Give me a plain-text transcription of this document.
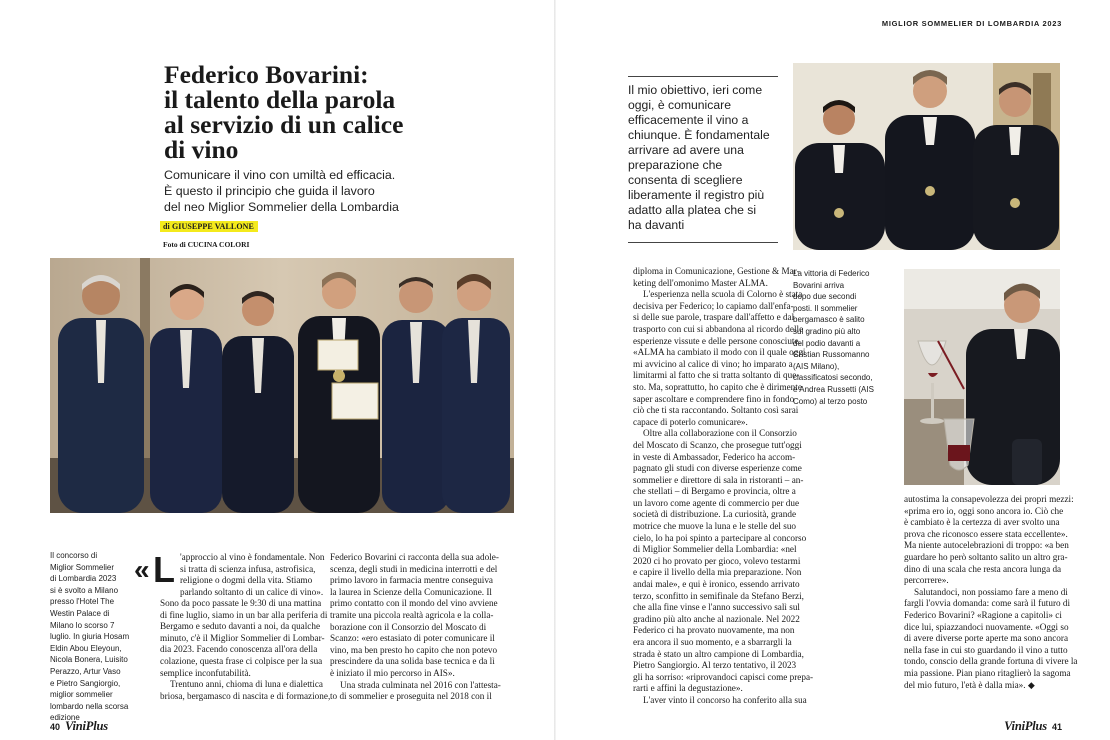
Federico Bovarini:
il talento della parola
al servizio di un calice
di vino

Comunicare il vino con umiltà ed efficacia.
È questo il principio che guida il lavoro
del neo Miglior Sommelier della Lombardia

di GIUSEPPE VALLONE
Foto di CUCINA COLORI
Il concorso di
Miglior Sommelier
di Lombardia 2023
si è svolto a Milano
presso l'Hotel The
Westin Palace di
Milano lo scorso 7
luglio. In giuria Hosam
Eldin Abou Eleyoun,
Nicola Bonera, Luisito
Perazzo, Artur Vaso
e Pietro Sangiorgio,
miglior sommelier
lombardo nella scorsa
edizione
« L 'approccio al vino è fondamentale. Non
si tratta di scienza infusa, astrofisica,
religione o dogmi della vita. Stiamo
parlando soltanto di un calice di vino».
Sono da poco passate le 9:30 di una mattina
di fine luglio, siamo in un bar alla periferia di
Bergamo e seduto davanti a noi, da qualche
minuto, c'è il Miglior Sommelier di Lombar-
dia 2023. Facendo conoscenza all'ora della
colazione, questa frase ci colpisce per la sua
semplice inconfutabilità.
Trentuno anni, chioma di luna e dialettica
briosa, bergamasco di nascita e di formazione,
Federico Bovarini ci racconta della sua adole-
scenza, degli studi in medicina interrotti e del
primo lavoro in farmacia mentre conseguiva
la laurea in Scienze della Comunicazione. Il
primo contatto con il mondo del vino avviene
tramite una piccola realtà agricola e la colla-
borazione con il Consorzio del Moscato di
Scanzo: «ero estasiato di poter comunicare il
vino, ma ben presto ho capito che non potevo
prescindere da una solida base tecnica e da lì
è iniziato il mio percorso in AIS».
Una strada culminata nel 2016 con l'attesta-
to di sommelier e proseguita nel 2018 con il
40 ViniPlus
MIGLIOR SOMMELIER DI LOMBARDIA 2023
Il mio obiettivo, ieri come
oggi, è comunicare
efficacemente il vino a
chiunque. È fondamentale
arrivare ad avere una
preparazione che
consenta di scegliere
liberamente il registro più
adatto alla platea che si
ha davanti
La vittoria di Federico
Bovarini arriva
dopo due secondi
posti. Il sommelier
bergamasco è salito
sul gradino più alto
del podio davanti a
Cristian Russomanno
(AIS Milano),
classificatosi secondo,
e Andrea Russetti (AIS
Como) al terzo posto
diploma in Comunicazione, Gestione & Mar-
keting dell'omonimo Master ALMA.
L'esperienza nella scuola di Colorno è stata
decisiva per Federico; lo capiamo dall'enfa-
si delle sue parole, traspare dall'affetto e dal
trasporto con cui si abbandona al ricordo delle
esperienze vissute e delle persone conosciute.
«ALMA ha cambiato il modo con il quale oggi
mi avvicino al calice di vino; ho imparato a
limitarmi al fatto che si tratta soltanto di que-
sto. Ma, soprattutto, ho capito che è dirimente
saper ascoltare e comprendere fino in fondo
ciò che ti sta raccontando. Soltanto così sarai
capace di poterlo comunicare».
Oltre alla collaborazione con il Consorzio
del Moscato di Scanzo, che prosegue tutt'oggi
in veste di Ambassador, Federico ha accom-
pagnato gli studi con diverse esperienze come
sommelier e direttore di sala in ristoranti – an-
che stellati – di Bergamo e provincia, oltre a
un lavoro come agente di commercio per due
società di distribuzione. La curiosità, grande
motrice che muove la luna e le stelle del suo
cielo, lo ha poi spinto a partecipare al concorso
di Miglior Sommelier della Lombardia: «nel
2020 ci ho provato per gioco, volevo testarmi
e capire il livello della mia preparazione. Non
andai male», e qui è ironico, essendo arrivato
terzo, sconfitto in semifinale da Stefano Berzi,
che alla fine vinse e l'anno successivo salì sul
gradino più alto anche al nazionale. Nel 2022
Federico ci ha provato nuovamente, ma non
era ancora il suo momento, e a sbarrargli la
strada è stato un altro campione di Lombardia,
Pietro Sangiorgio. Al terzo tentativo, il 2023
gli ha sorriso: «riprovandoci capisci come prepa-
rarti e affini la degustazione».
L'aver vinto il concorso ha conferito alla sua
autostima la consapevolezza dei propri mezzi:
«prima ero io, oggi sono ancora io. Ciò che
è cambiato è la certezza di aver svolto una
prova che riconosco essere stata eccellente».
Ma niente autocelebrazioni di troppo: «a ben
guardare ho però soltanto salito un altro gra-
dino di una scala che resta ancora lunga da
percorrere».
Salutandoci, non possiamo fare a meno di
fargli l'ovvia domanda: come sarà il futuro di
Federico Bovarini? «Ragione a capitoli» ci
dice lui, spiazzandoci nuovamente. «Oggi so
di avere diverse porte aperte ma sono ancora
nella fase in cui sto guardando il vino a tutto
tondo, conscio della grande fortuna di vivere la
mia passione. Pian piano ritaglierò la sagoma
del mio futuro, l'età è dalla mia». ◆
ViniPlus 41
